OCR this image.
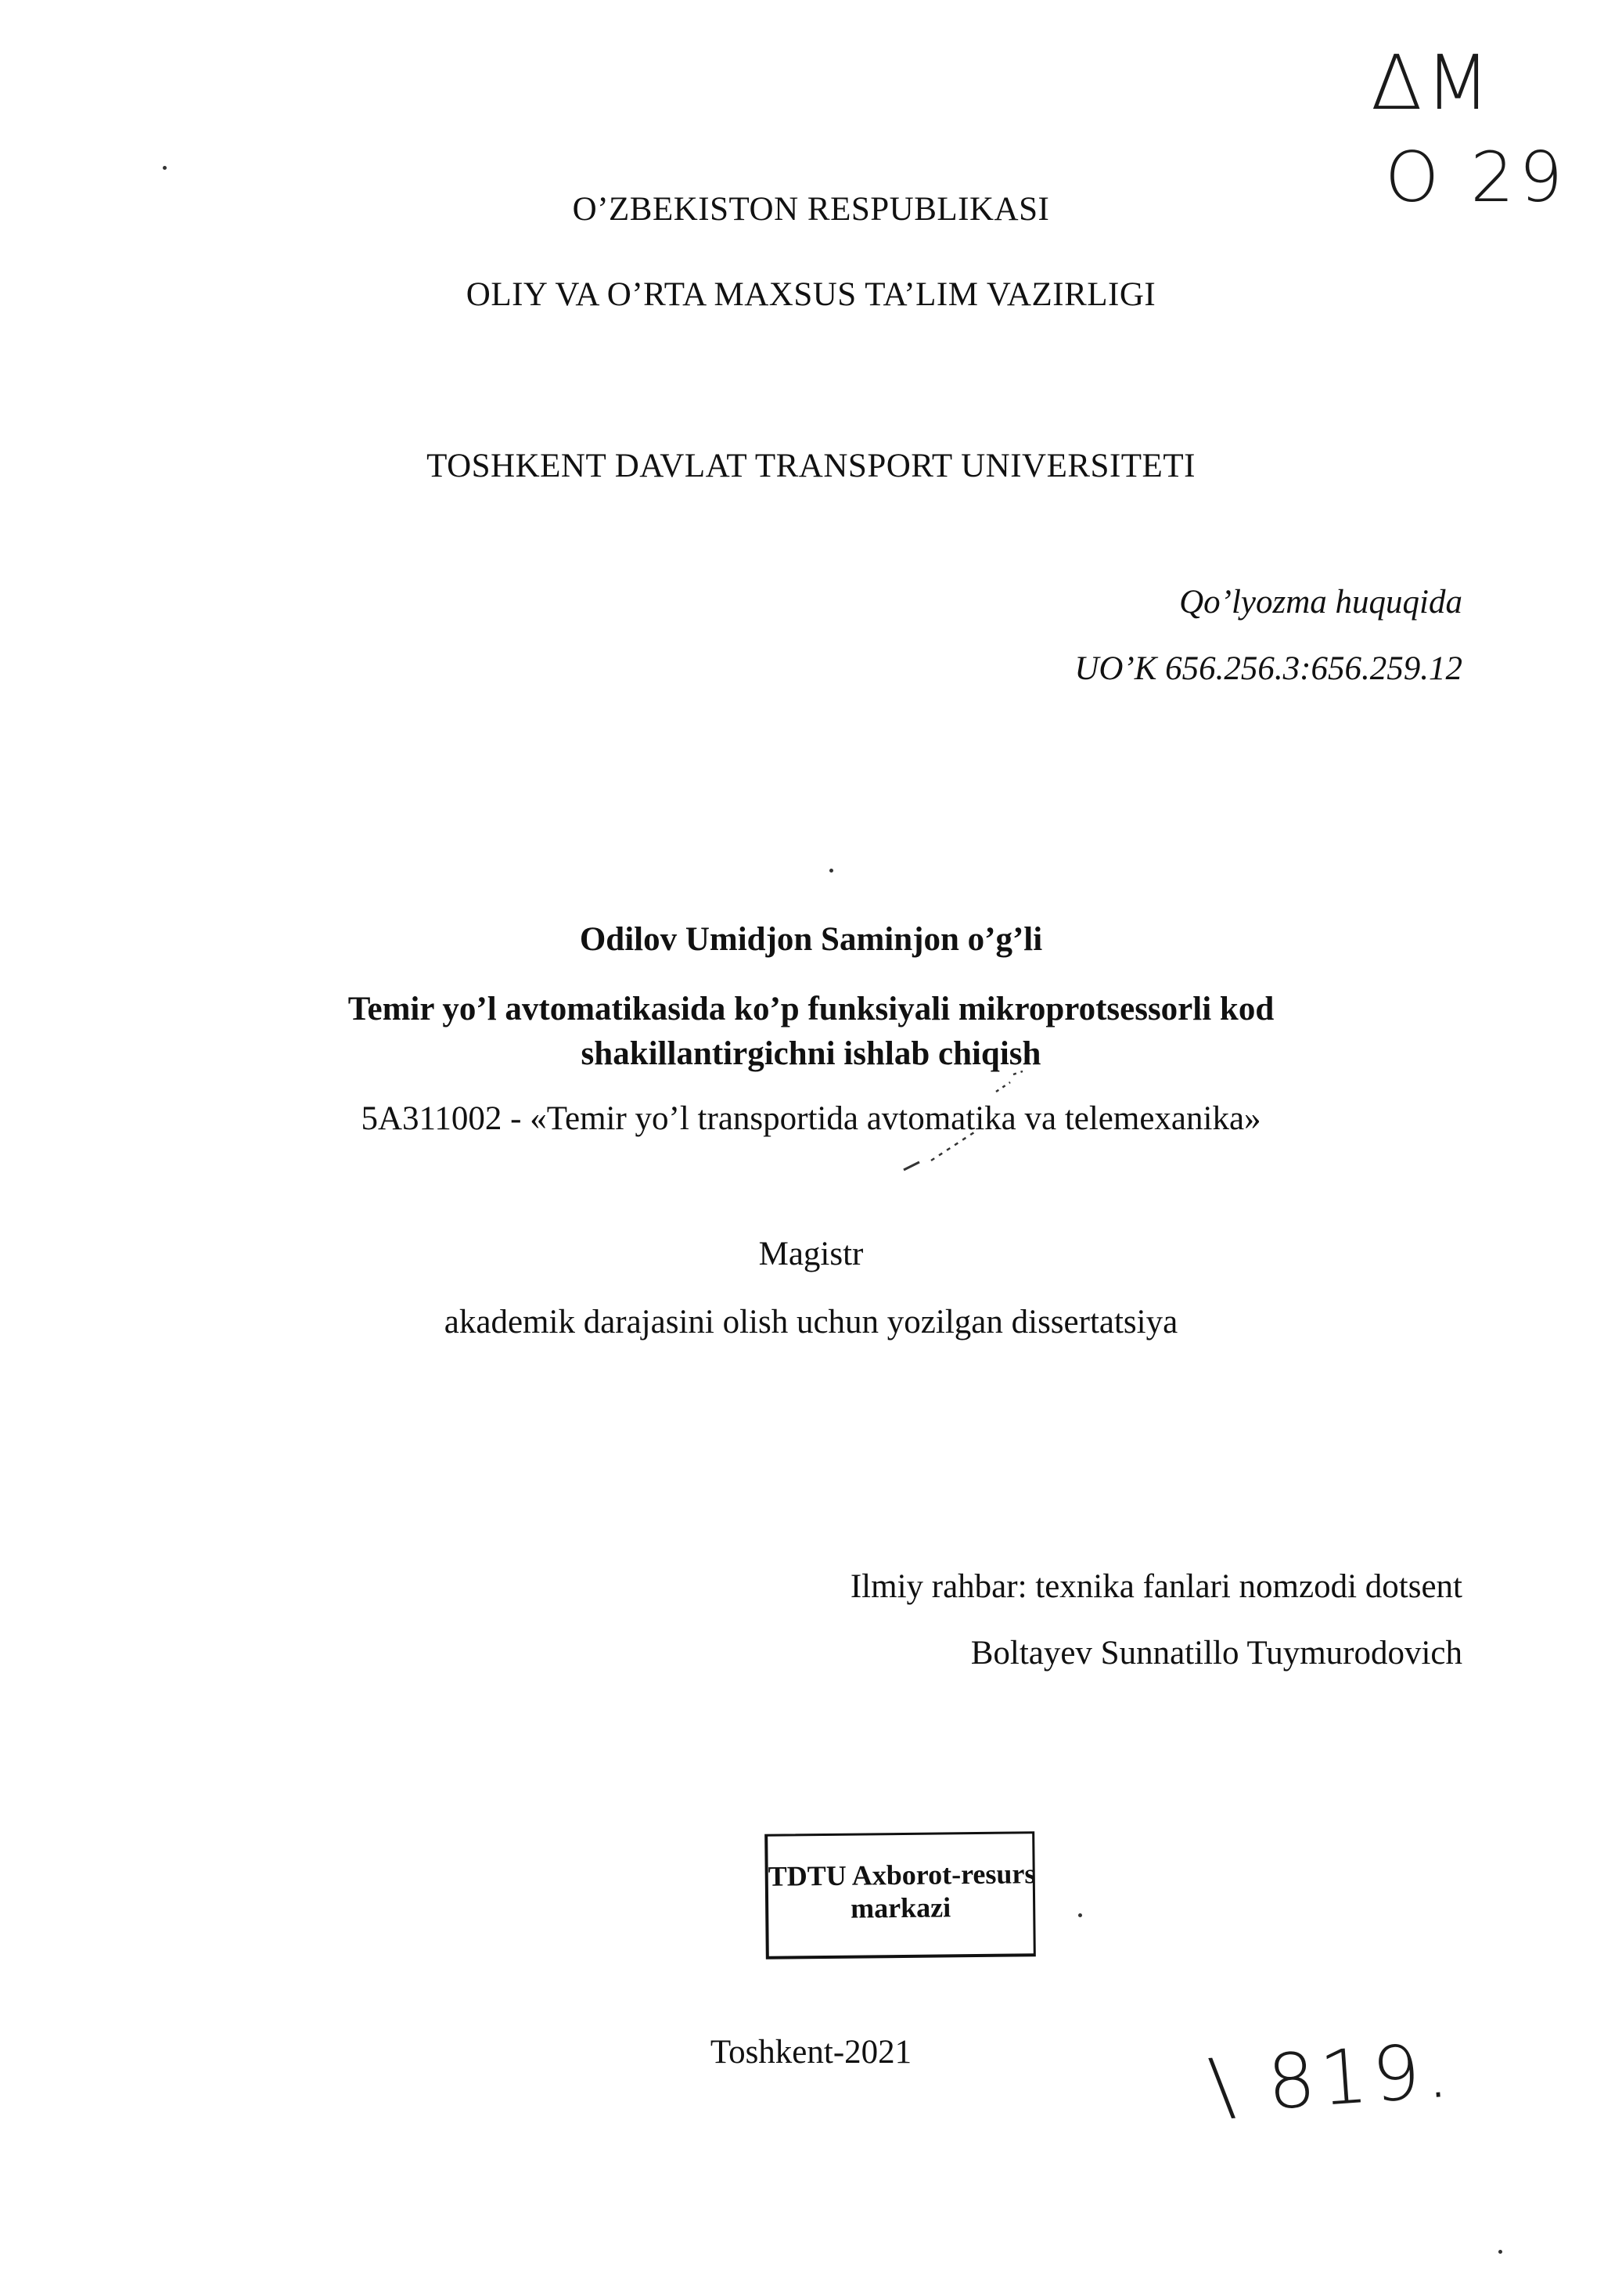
O’ZBEKISTON RESPUBLIKASI
OLIY VA O’RTA MAXSUS TA’LIM VAZIRLIGI
TOSHKENT DAVLAT TRANSPORT UNIVERSITETI
Qo’lyozma huquqida
UO’K 656.256.3:656.259.12
Odilov Umidjon Saminjon o’g’li
Temir yo’l avtomatikasida ko’p funksiyali mikroprotsessorli kod
shakillantirgichni ishlab chiqish
5A311002 - «Temir yo’l transportida avtomatika va telemexanika»
Magistr
akademik darajasini olish uchun yozilgan dissertatsiya
Ilmiy rahbar: texnika fanlari nomzodi dotsent
Boltayev Sunnatillo Tuymurodovich
TDTU Axborot-resurs
markazi
Toshkent-2021
ΔM
O 29
\ 819.
